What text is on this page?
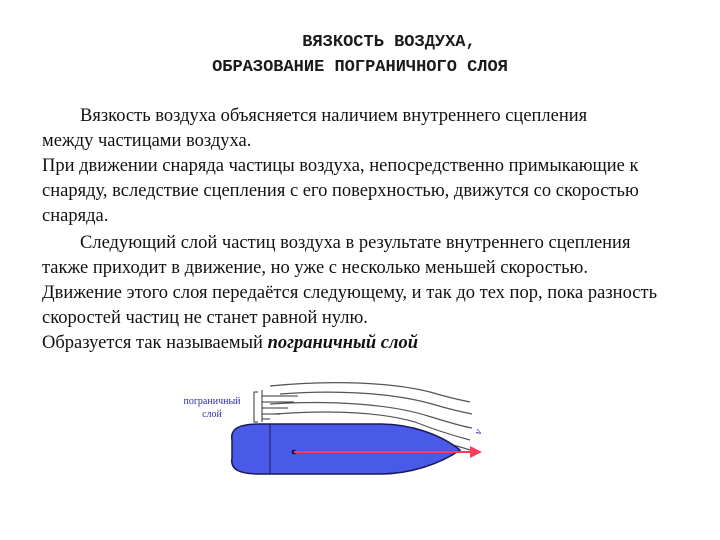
ВЯЗКОСТЬ ВОЗДУХА,
ОБРАЗОВАНИЕ ПОГРАНИЧНОГО СЛОЯ

Вязкость воздуха объясняется наличием внутреннего сцепления

между частицами воздуха.

При движении снаряда частицы воздуха, непосредственно примыкающие к снаряду, вследствие сцепления с его поверхностью, движутся со скоростью снаряда.

Следующий слой частиц воздуха в результате внутреннего сцепления также приходит в движение, но уже с несколько меньшей скоростью. Движение этого слоя передаётся следующему, и так до тех пор, пока разность скоростей частиц не станет равной нулю.

Образуется так называемый пограничный слой

пограничный
слой
v
